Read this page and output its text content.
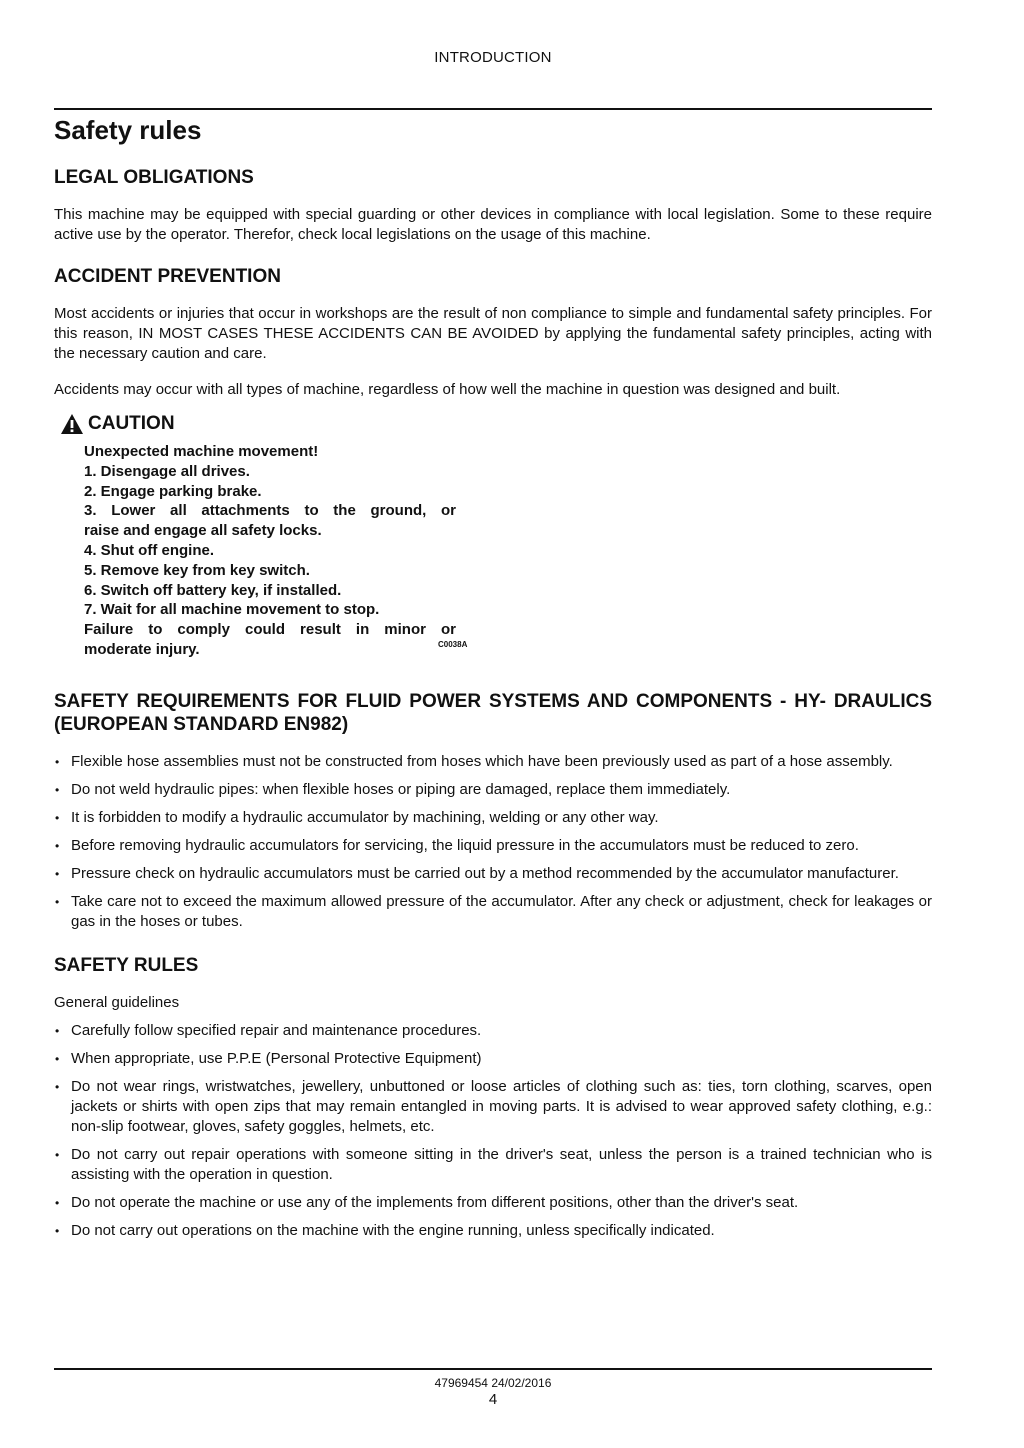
INTRODUCTION
Safety rules
LEGAL OBLIGATIONS

This machine may be equipped with special guarding or other devices in compliance with local legislation. Some to these require active use by the operator. Therefor, check local legislations on the usage of this machine.

ACCIDENT PREVENTION

Most accidents or injuries that occur in workshops are the result of non compliance to simple and fundamental safety principles. For this reason, IN MOST CASES THESE ACCIDENTS CAN BE AVOIDED by applying the fundamental safety principles, acting with the necessary caution and care.

Accidents may occur with all types of machine, regardless of how well the machine in question was designed and built.

CAUTION
Unexpected machine movement!
1. Disengage all drives.
2. Engage parking brake.
3. Lower all attachments to the ground, or
raise and engage all safety locks.
4. Shut off engine.
5. Remove key from key switch.
6. Switch off battery key, if installed.
7. Wait for all machine movement to stop.
Failure to comply could result in minor or
moderate injury.	C0038A
SAFETY REQUIREMENTS FOR FLUID POWER SYSTEMS AND COMPONENTS - HY- DRAULICS (EUROPEAN STANDARD EN982)
• Flexible hose assemblies must not be constructed from hoses which have been previously used as part of a hose assembly.
• Do not weld hydraulic pipes: when flexible hoses or piping are damaged, replace them immediately.
• It is forbidden to modify a hydraulic accumulator by machining, welding or any other way.
• Before removing hydraulic accumulators for servicing, the liquid pressure in the accumulators must be reduced to zero.
• Pressure check on hydraulic accumulators must be carried out by a method recommended by the accumulator manufacturer.
• Take care not to exceed the maximum allowed pressure of the accumulator. After any check or adjustment, check for leakages or gas in the hoses or tubes.
SAFETY RULES

General guidelines

• Carefully follow specified repair and maintenance procedures.
• When appropriate, use P.P.E (Personal Protective Equipment)
• Do not wear rings, wristwatches, jewellery, unbuttoned or loose articles of clothing such as: ties, torn clothing, scarves, open jackets or shirts with open zips that may remain entangled in moving parts. It is advised to wear approved safety clothing, e.g.: non-slip footwear, gloves, safety goggles, helmets, etc.
• Do not carry out repair operations with someone sitting in the driver's seat, unless the person is a trained technician who is assisting with the operation in question.
• Do not operate the machine or use any of the implements from different positions, other than the driver's seat.
• Do not carry out operations on the machine with the engine running, unless specifically indicated.
47969454 24/02/2016
4
